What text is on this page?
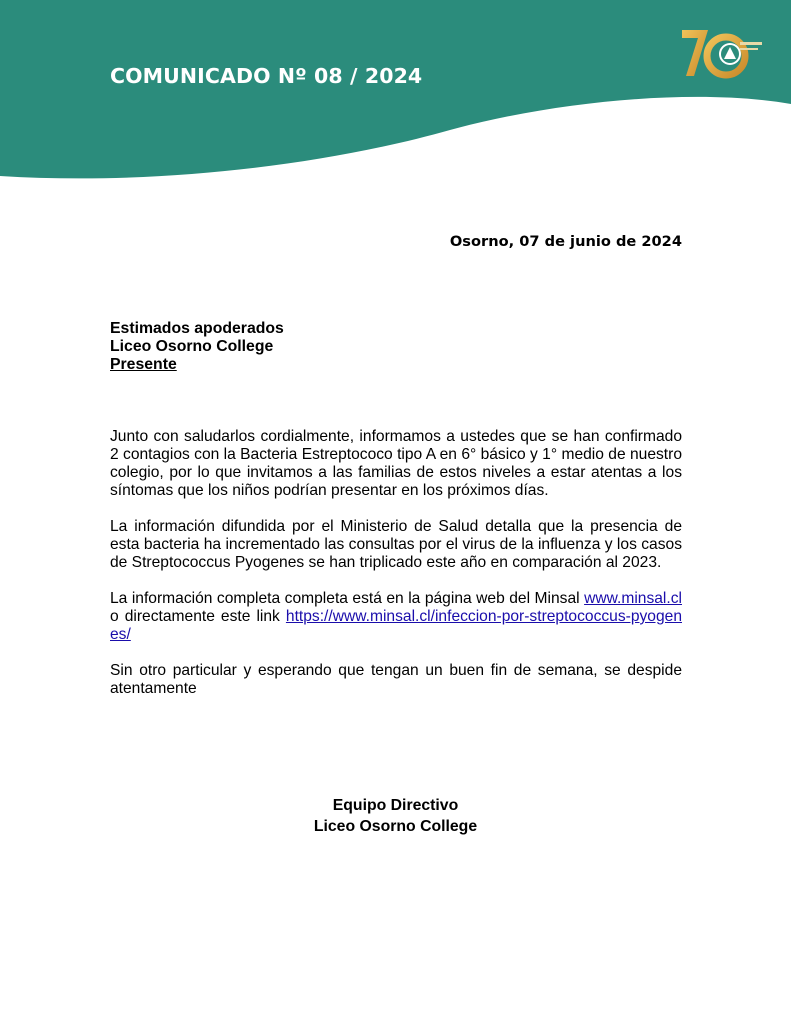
COMUNICADO Nº 08 / 2024
Osorno, 07 de junio de 2024
Estimados apoderados
Liceo Osorno College
Presente

Junto con saludarlos cordialmente, informamos a ustedes que se han confirmado 2 contagios con la Bacteria Estreptococo tipo A en 6° básico y 1° medio de nuestro colegio, por lo que invitamos a las familias de estos niveles a estar atentas a los síntomas que los niños podrían presentar en los próximos días.

La información difundida por el Ministerio de Salud detalla que la presencia de esta bacteria ha incrementado las consultas por el virus de la influenza y los casos de Streptococcus Pyogenes se han triplicado este año en comparación al 2023.

La información completa completa está en la página web del Minsal www.minsal.cl o directamente este link https://www.minsal.cl/infeccion-por-streptococcus-pyogenes/

Sin otro particular y esperando que tengan un buen fin de semana, se despide atentamente

Equipo Directivo
Liceo Osorno College
